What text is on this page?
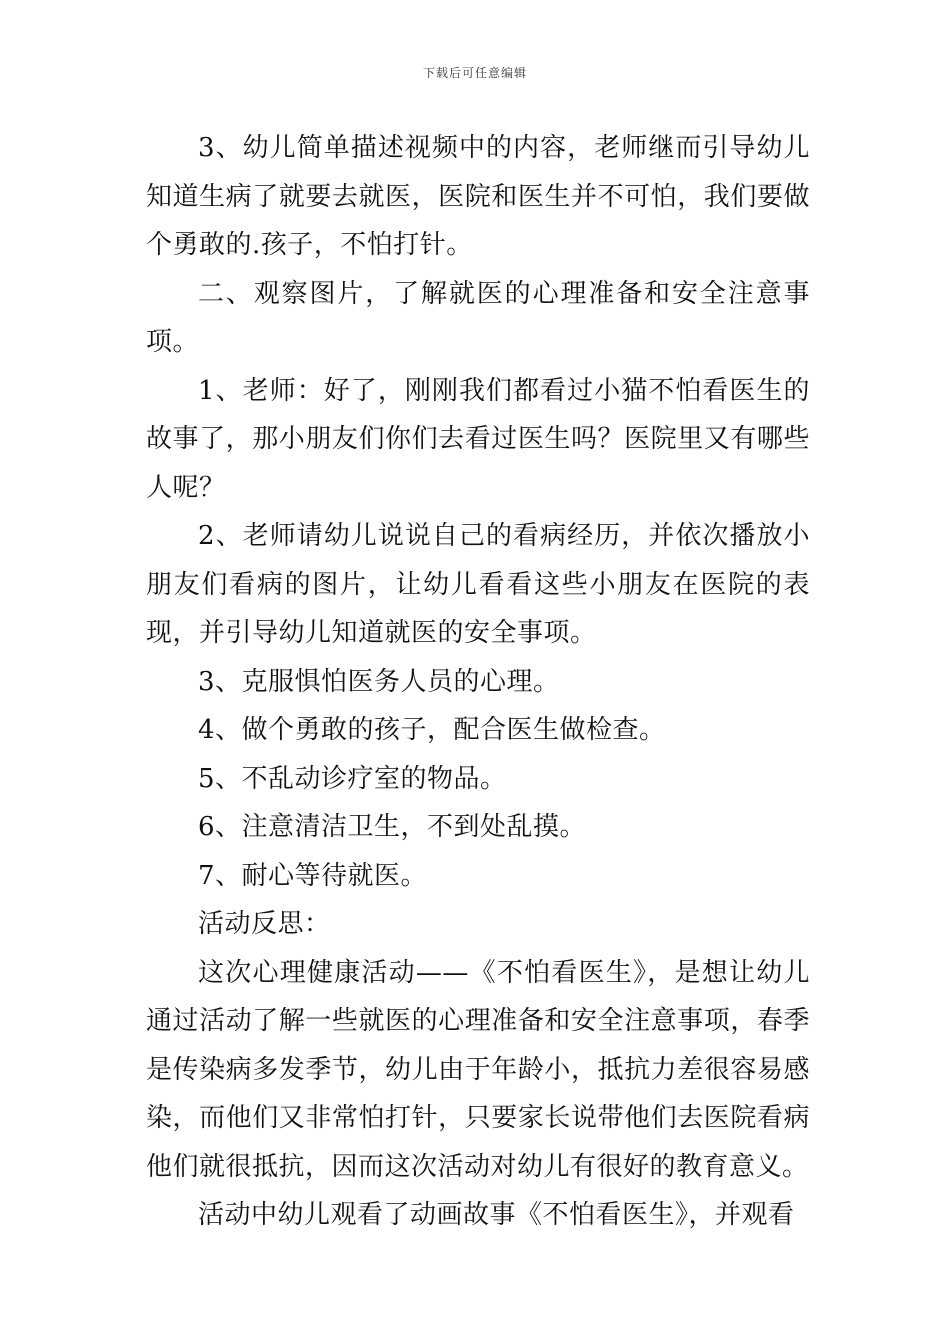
下载后可任意编辑

3、幼儿简单描述视频中的内容，老师继而引导幼儿知道生病了就要去就医，医院和医生并不可怕，我们要做个勇敢的.孩子，不怕打针。

二、观察图片，了解就医的心理准备和安全注意事项。

1、老师：好了，刚刚我们都看过小猫不怕看医生的故事了，那小朋友们你们去看过医生吗？医院里又有哪些人呢？

2、老师请幼儿说说自己的看病经历，并依次播放小朋友们看病的图片，让幼儿看看这些小朋友在医院的表现，并引导幼儿知道就医的安全事项。

3、克服惧怕医务人员的心理。

4、做个勇敢的孩子，配合医生做检查。

5、不乱动诊疗室的物品。

6、注意清洁卫生，不到处乱摸。

7、耐心等待就医。

活动反思：

这次心理健康活动——《不怕看医生》，是想让幼儿通过活动了解一些就医的心理准备和安全注意事项，春季是传染病多发季节，幼儿由于年龄小，抵抗力差很容易感染，而他们又非常怕打针，只要家长说带他们去医院看病他们就很抵抗，因而这次活动对幼儿有很好的教育意义。

活动中幼儿观看了动画故事《不怕看医生》，并观看
